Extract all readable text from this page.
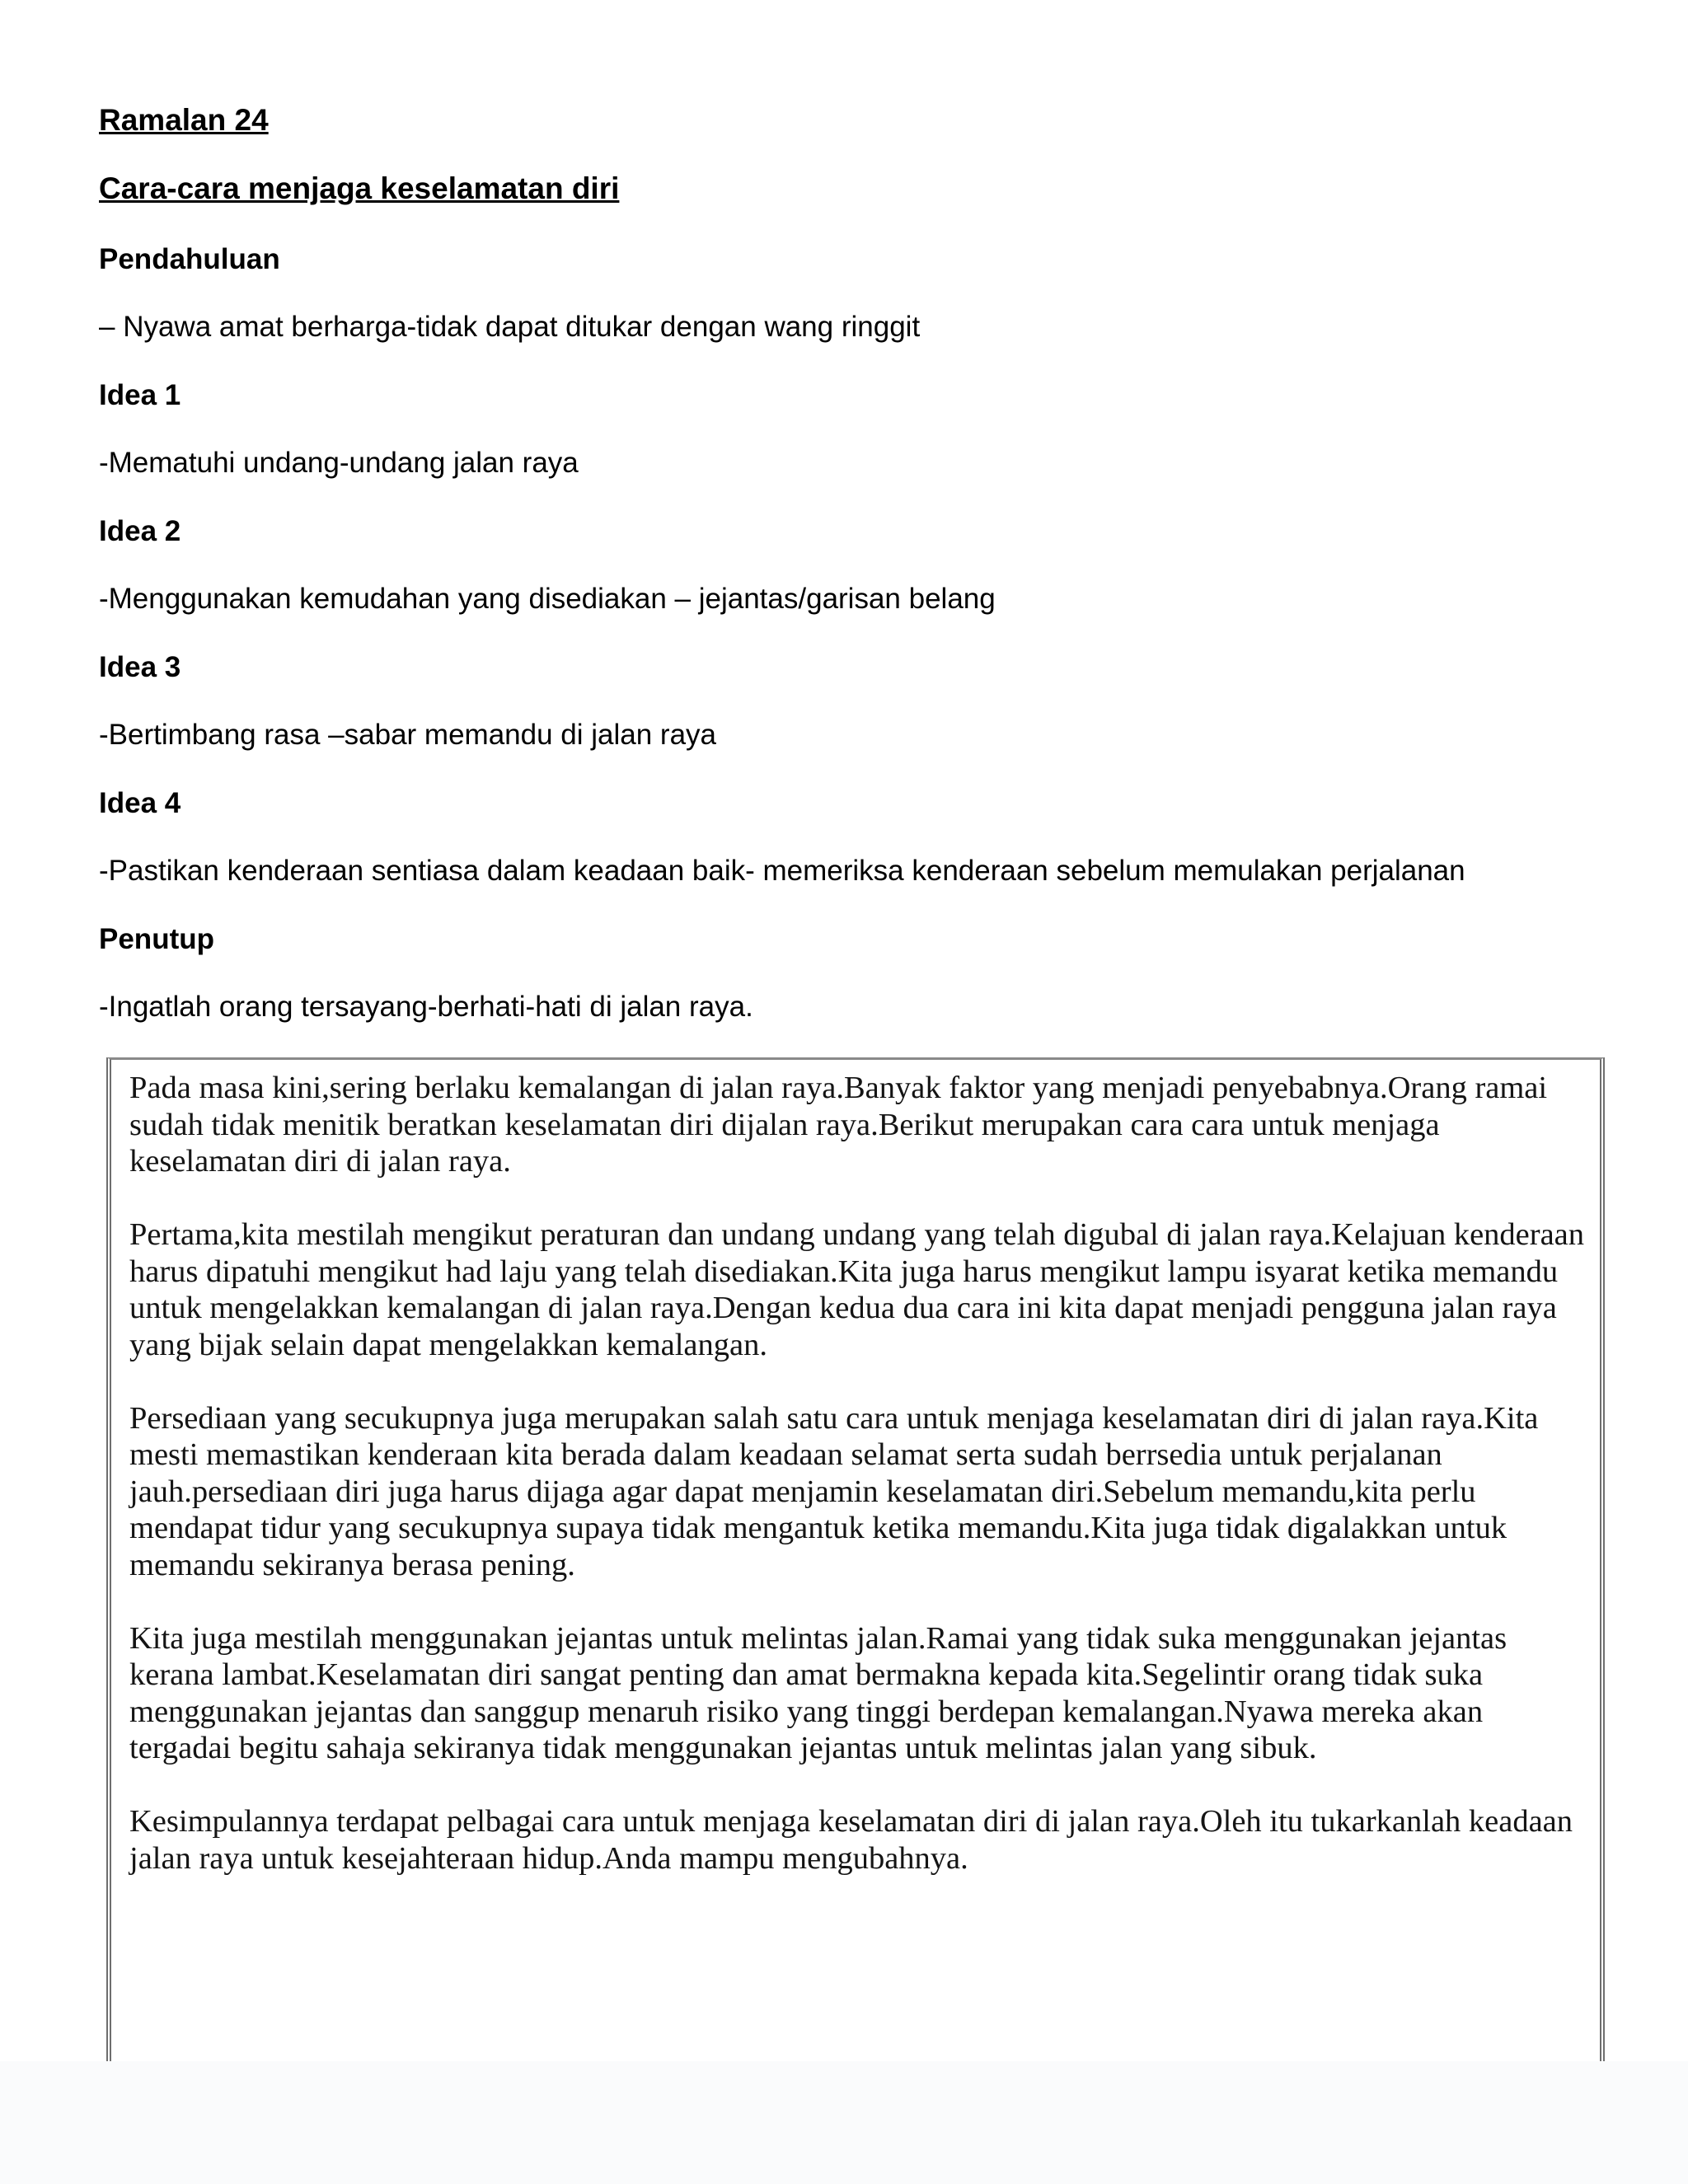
Ramalan 24
Cara-cara menjaga keselamatan diri
Pendahuluan
– Nyawa amat berharga-tidak dapat ditukar dengan wang ringgit
Idea 1
-Mematuhi undang-undang jalan raya
Idea 2
-Menggunakan kemudahan yang disediakan – jejantas/garisan belang
Idea 3
-Bertimbang rasa –sabar memandu di jalan raya
Idea 4
-Pastikan kenderaan sentiasa dalam keadaan baik- memeriksa kenderaan sebelum memulakan perjalanan
Penutup
-Ingatlah orang tersayang-berhati-hati di jalan raya.

Pada masa kini,sering berlaku kemalangan di jalan raya.Banyak faktor yang menjadi penyebabnya.Orang ramai sudah tidak menitik beratkan keselamatan diri dijalan raya.Berikut merupakan cara cara untuk menjaga keselamatan diri di jalan raya.

Pertama,kita mestilah mengikut peraturan dan undang undang yang telah digubal di jalan raya.Kelajuan kenderaan harus dipatuhi mengikut had laju yang telah disediakan.Kita juga harus mengikut lampu isyarat ketika memandu untuk mengelakkan kemalangan di jalan raya.Dengan kedua dua cara ini kita dapat menjadi pengguna jalan raya yang bijak selain dapat mengelakkan kemalangan.

Persediaan yang secukupnya juga merupakan salah satu cara untuk menjaga keselamatan diri di jalan raya.Kita mesti memastikan kenderaan kita berada dalam keadaan selamat serta sudah berrsedia untuk perjalanan jauh.persediaan diri juga harus dijaga agar dapat menjamin keselamatan diri.Sebelum memandu,kita perlu mendapat tidur yang secukupnya supaya tidak mengantuk ketika memandu.Kita juga tidak digalakkan untuk memandu sekiranya berasa pening.

Kita juga mestilah menggunakan jejantas untuk melintas jalan.Ramai yang tidak suka menggunakan jejantas kerana lambat.Keselamatan diri sangat penting dan amat bermakna kepada kita.Segelintir orang tidak suka menggunakan jejantas dan sanggup menaruh risiko yang tinggi berdepan kemalangan.Nyawa mereka akan tergadai begitu sahaja sekiranya tidak menggunakan jejantas untuk melintas jalan yang sibuk.

Kesimpulannya terdapat pelbagai cara untuk menjaga keselamatan diri di jalan raya.Oleh itu tukarkanlah keadaan jalan raya untuk kesejahteraan hidup.Anda mampu mengubahnya.
